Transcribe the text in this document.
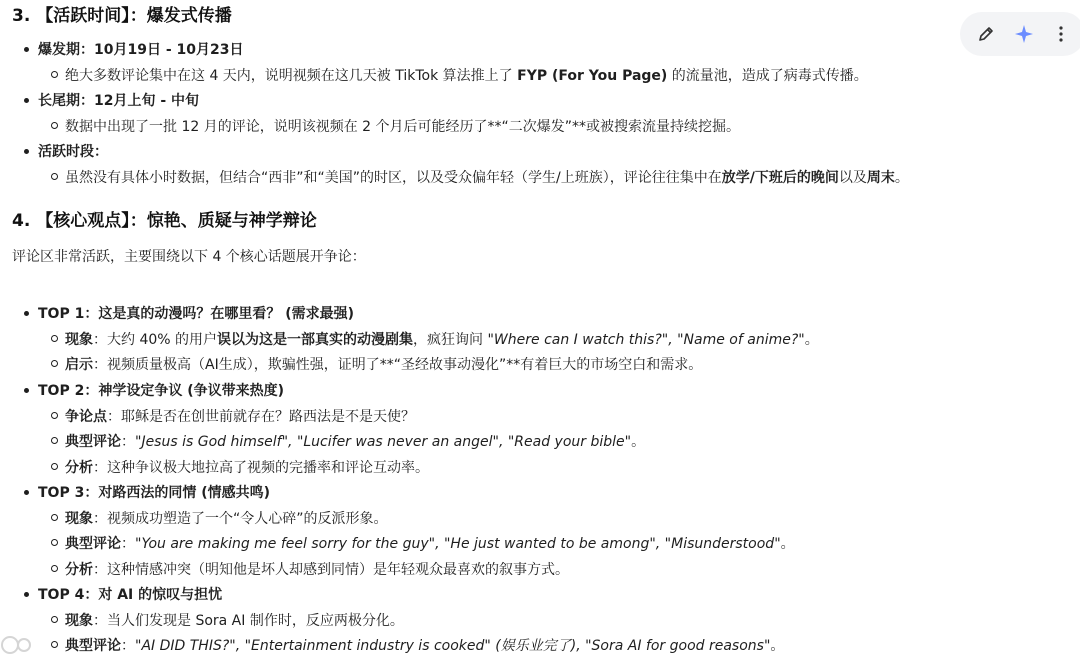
3. 【活跃时间】：爆发式传播
爆发期：10月19日 - 10月23日
绝大多数评论集中在这 4 天内，说明视频在这几天被 TikTok 算法推上了 FYP (For You Page) 的流量池，造成了病毒式传播。
长尾期：12月上旬 - 中旬
数据中出现了一批 12 月的评论，说明该视频在 2 个月后可能经历了**“二次爆发”**或被搜索流量持续挖掘。
活跃时段：
虽然没有具体小时数据，但结合“西非”和“美国”的时区，以及受众偏年轻（学生/上班族），评论往往集中在放学/下班后的晚间以及周末。
4. 【核心观点】：惊艳、质疑与神学辩论
评论区非常活跃，主要围绕以下 4 个核心话题展开争论：
TOP 1：这是真的动漫吗？在哪里看？ (需求最强)
现象：大约 40% 的用户误以为这是一部真实的动漫剧集，疯狂询问 "Where can I watch this?", "Name of anime?"。
启示：视频质量极高（AI生成），欺骗性强，证明了**“圣经故事动漫化”**有着巨大的市场空白和需求。
TOP 2：神学设定争议 (争议带来热度)
争论点：耶稣是否在创世前就存在？路西法是不是天使？
典型评论："Jesus is God himself", "Lucifer was never an angel", "Read your bible"。
分析：这种争议极大地拉高了视频的完播率和评论互动率。
TOP 3：对路西法的同情 (情感共鸣)
现象：视频成功塑造了一个“令人心碎”的反派形象。
典型评论："You are making me feel sorry for the guy", "He just wanted to be among", "Misunderstood"。
分析：这种情感冲突（明知他是坏人却感到同情）是年轻观众最喜欢的叙事方式。
TOP 4：对 AI 的惊叹与担忧
现象：当人们发现是 Sora AI 制作时，反应两极分化。
典型评论："AI DID THIS?", "Entertainment industry is cooked" (娱乐业完了), "Sora AI for good reasons"。
